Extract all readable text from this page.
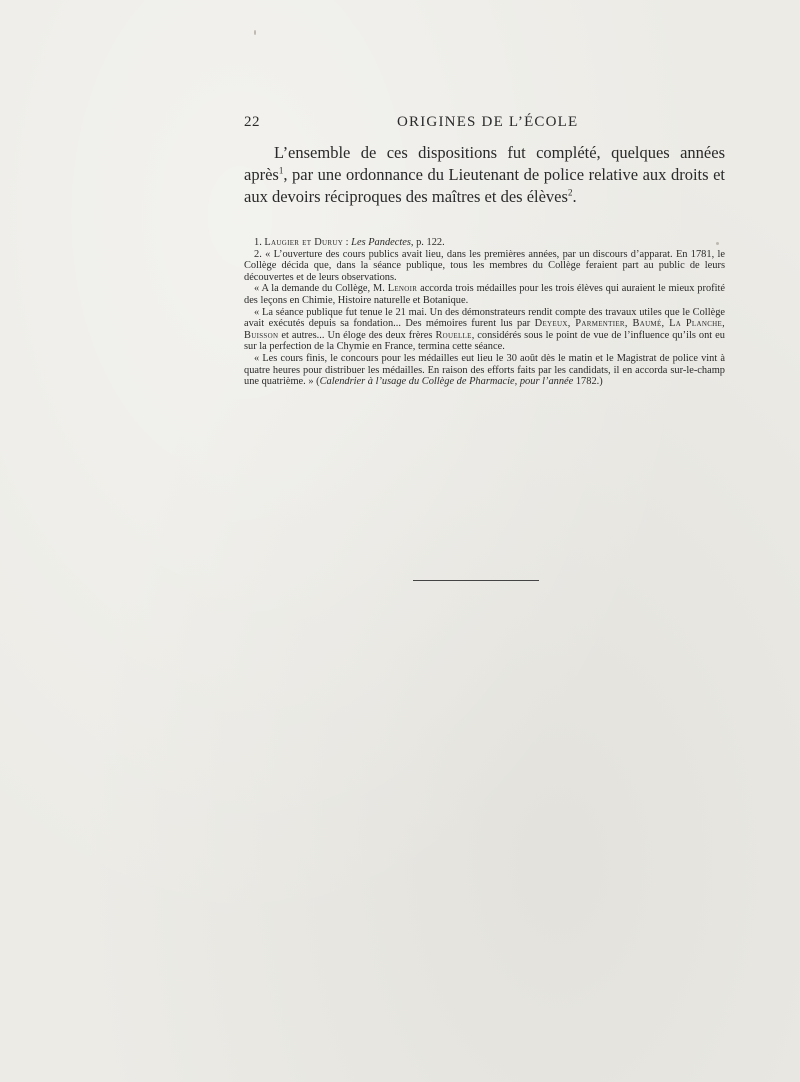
22	ORIGINES DE L’ÉCOLE

L’ensemble de ces dispositions fut complété, quelques années après$^1$, par une ordonnance du Lieutenant de police relative aux droits et aux devoirs réciproques des maîtres et des élèves$^2$.

1. Laugier et Duruy : Les Pandectes, p. 122.

2. « L’ouverture des cours publics avait lieu, dans les premières années, par un discours d’apparat. En 1781, le Collège décida que, dans la séance publique, tous les membres du Collège feraient part au public de leurs découvertes et de leurs observations.

« A la demande du Collège, M. Lenoir accorda trois médailles pour les trois élèves qui auraient le mieux profité des leçons en Chimie, Histoire naturelle et Botanique.

« La séance publique fut tenue le 21 mai. Un des démonstrateurs rendit compte des travaux utiles que le Collège avait exécutés depuis sa fondation... Des mémoires furent lus par Deyeux, Parmentier, Baumé, La Planche, Buisson et autres... Un éloge des deux frères Rouelle, considérés sous le point de vue de l’influence qu’ils ont eu sur la perfection de la Chymie en France, termina cette séance.

« Les cours finis, le concours pour les médailles eut lieu le 30 août dès le matin et le Magistrat de police vint à quatre heures pour distribuer les médailles. En raison des efforts faits par les candidats, il en accorda sur-le-champ une quatrième. » (Calendrier à l’usage du Collège de Pharmacie, pour l’année 1782.)
